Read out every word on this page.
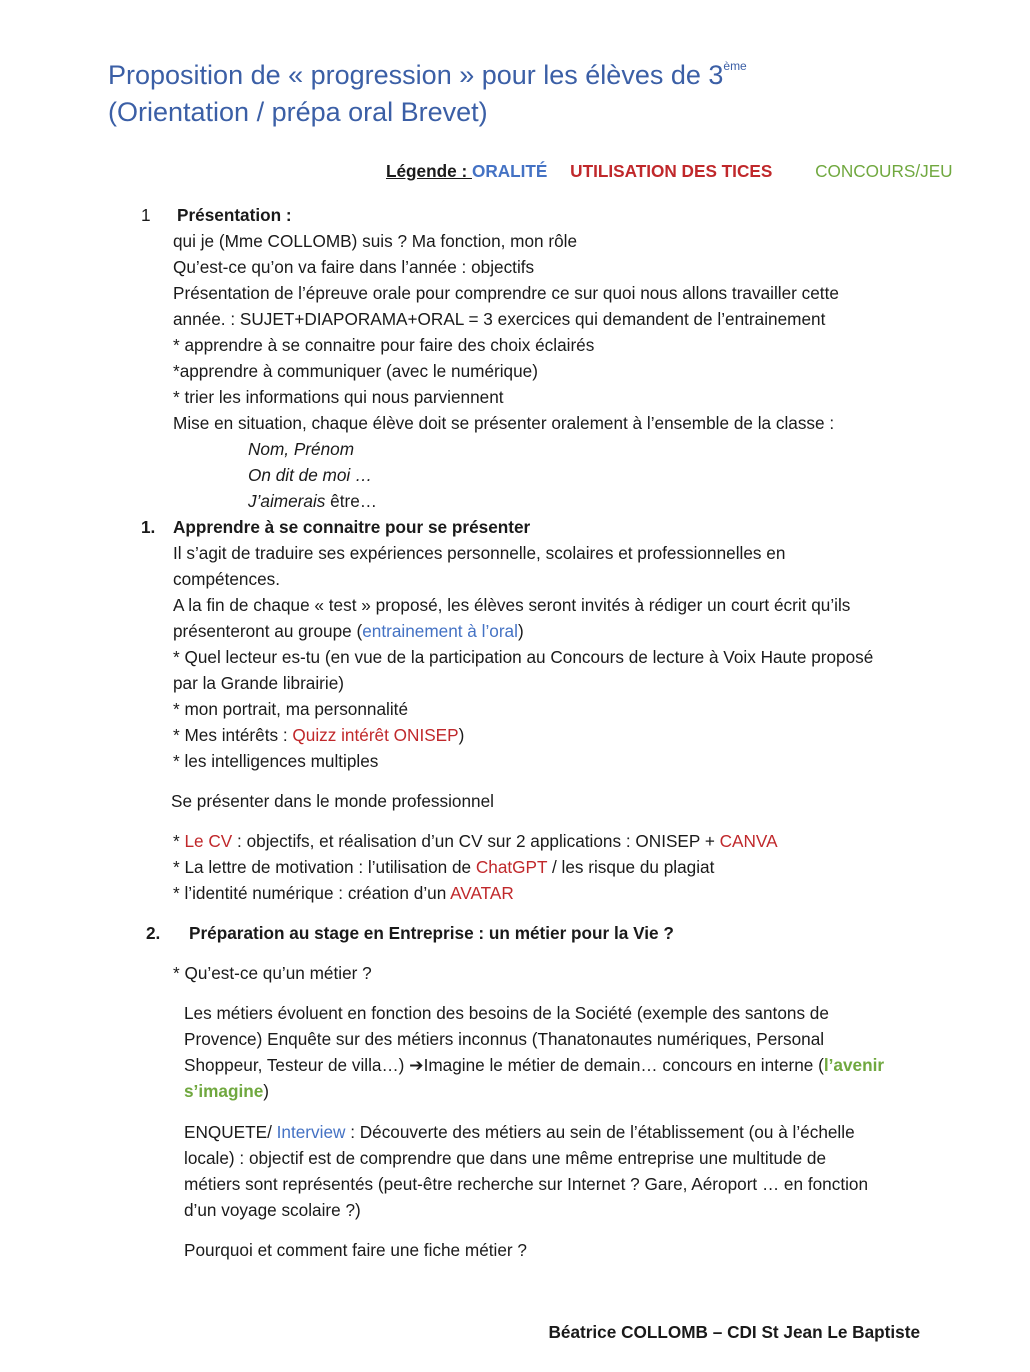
Proposition de « progression » pour les élèves de 3ème
(Orientation / prépa oral Brevet)
Légende : ORALITÉ UTILISATION DES TICES CONCOURS/JEU
1 Présentation :
qui je (Mme COLLOMB) suis ? Ma fonction, mon rôle
Qu’est-ce qu’on va faire dans l’année : objectifs
Présentation de l’épreuve orale pour comprendre ce sur quoi nous allons travailler cette
année. : SUJET+DIAPORAMA+ORAL = 3 exercices qui demandent de l’entrainement
* apprendre à se connaitre pour faire des choix éclairés
*apprendre à communiquer (avec le numérique)
* trier les informations qui nous parviennent
Mise en situation, chaque élève doit se présenter oralement à l’ensemble de la classe :
Nom, Prénom
On dit de moi …
J’aimerais être…
1. Apprendre à se connaitre pour se présenter
Il s’agit de traduire ses expériences personnelle, scolaires et professionnelles en
compétences.
A la fin de chaque « test » proposé, les élèves seront invités à rédiger un court écrit qu’ils
présenteront au groupe (entrainement à l’oral)
* Quel lecteur es-tu (en vue de la participation au Concours de lecture à Voix Haute proposé
par la Grande librairie)
* mon portrait, ma personnalité
* Mes intérêts : Quizz intérêt ONISEP)
* les intelligences multiples
Se présenter dans le monde professionnel
* Le CV : objectifs, et réalisation d’un CV sur 2 applications : ONISEP + CANVA
* La lettre de motivation : l’utilisation de ChatGPT / les risque du plagiat
* l’identité numérique : création d’un AVATAR
2. Préparation au stage en Entreprise : un métier pour la Vie ?
* Qu’est-ce qu’un métier ?
Les métiers évoluent en fonction des besoins de la Société (exemple des santons de
Provence) Enquête sur des métiers inconnus (Thanatonautes numériques, Personal
Shoppeur, Testeur de villa…) ➔Imagine le métier de demain… concours en interne (l’avenir
s’imagine)
ENQUETE/ Interview : Découverte des métiers au sein de l’établissement (ou à l’échelle
locale) : objectif est de comprendre que dans une même entreprise une multitude de
métiers sont représentés (peut-être recherche sur Internet ? Gare, Aéroport … en fonction
d’un voyage scolaire ?)
Pourquoi et comment faire une fiche métier ?
Béatrice COLLOMB – CDI St Jean Le Baptiste
